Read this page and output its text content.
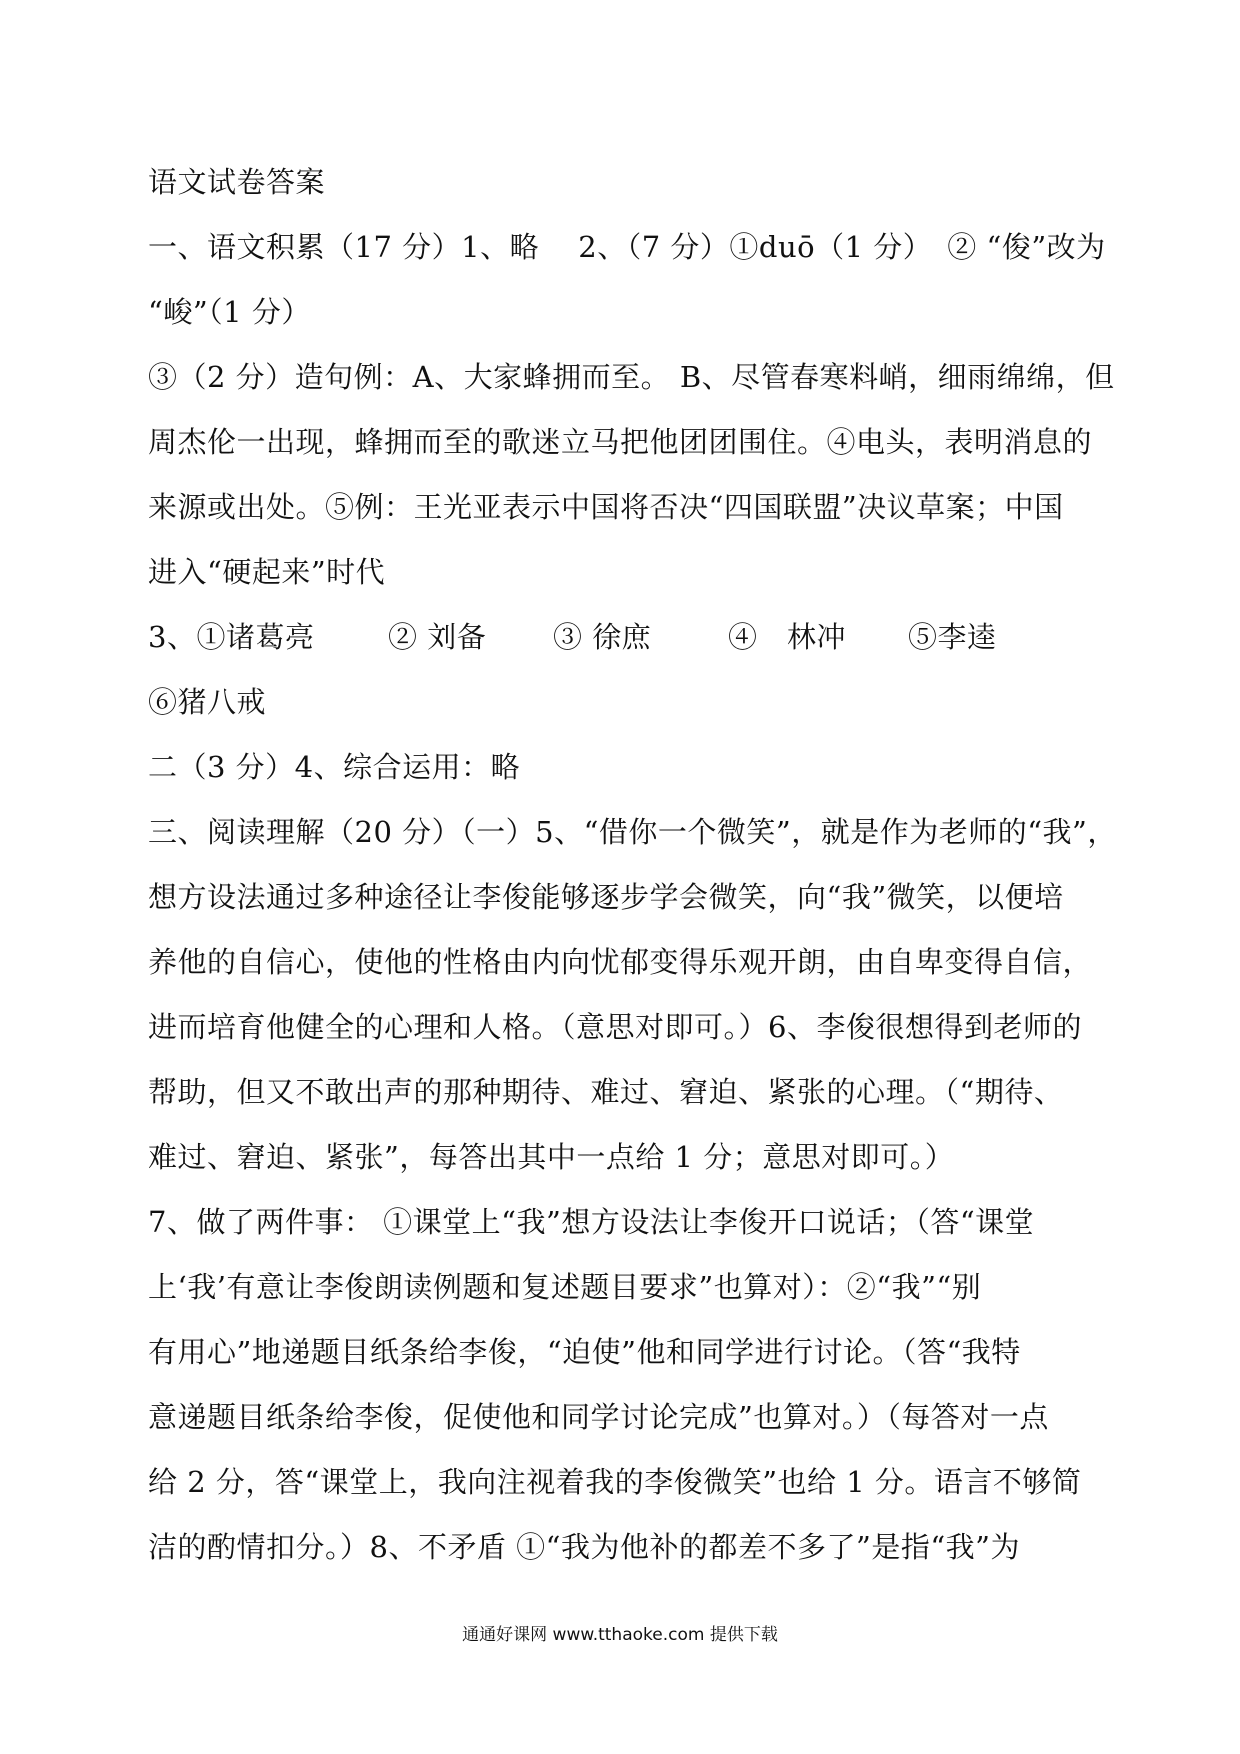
语文试卷答案
一、语文积累（17 分）1、略　 2、（7 分）①duō（1 分）　② “俊”改为
“峻”（1 分）
③（2 分）造句例：A、大家蜂拥而至。 B、尽管春寒料峭，细雨绵绵，但
周杰伦一出现，蜂拥而至的歌迷立马把他团团围住。④电头，表明消息的
来源或出处。⑤例：王光亚表示中国将否决“四国联盟”决议草案；中国
进入“硬起来”时代
3、①诸葛亮	② 刘备 ③ 徐庶	④　林冲 ⑤李逵
⑥猪八戒
二（3 分）4、综合运用：略
三、阅读理解（20 分）（一）5、“借你一个微笑”，就是作为老师的“我”，
想方设法通过多种途径让李俊能够逐步学会微笑，向“我”微笑，以便培
养他的自信心，使他的性格由内向忧郁变得乐观开朗，由自卑变得自信，
进而培育他健全的心理和人格。（意思对即可。）6、李俊很想得到老师的
帮助，但又不敢出声的那种期待、难过、窘迫、紧张的心理。（“期待、
难过、窘迫、紧张”，每答出其中一点给 1 分；意思对即可。）
7、做了两件事： ①课堂上“我”想方设法让李俊开口说话；（答“课堂
上‘我’有意让李俊朗读例题和复述题目要求”也算对）：②“我”“别
有用心”地递题目纸条给李俊，“迫使”他和同学进行讨论。（答“我特
意递题目纸条给李俊，促使他和同学讨论完成”也算对。）（每答对一点
给 2 分，答“课堂上，我向注视着我的李俊微笑”也给 1 分。语言不够简
洁的酌情扣分。）8、不矛盾 ①“我为他补的都差不多了”是指“我”为
通通好课网 www.tthaoke.com 提供下载
